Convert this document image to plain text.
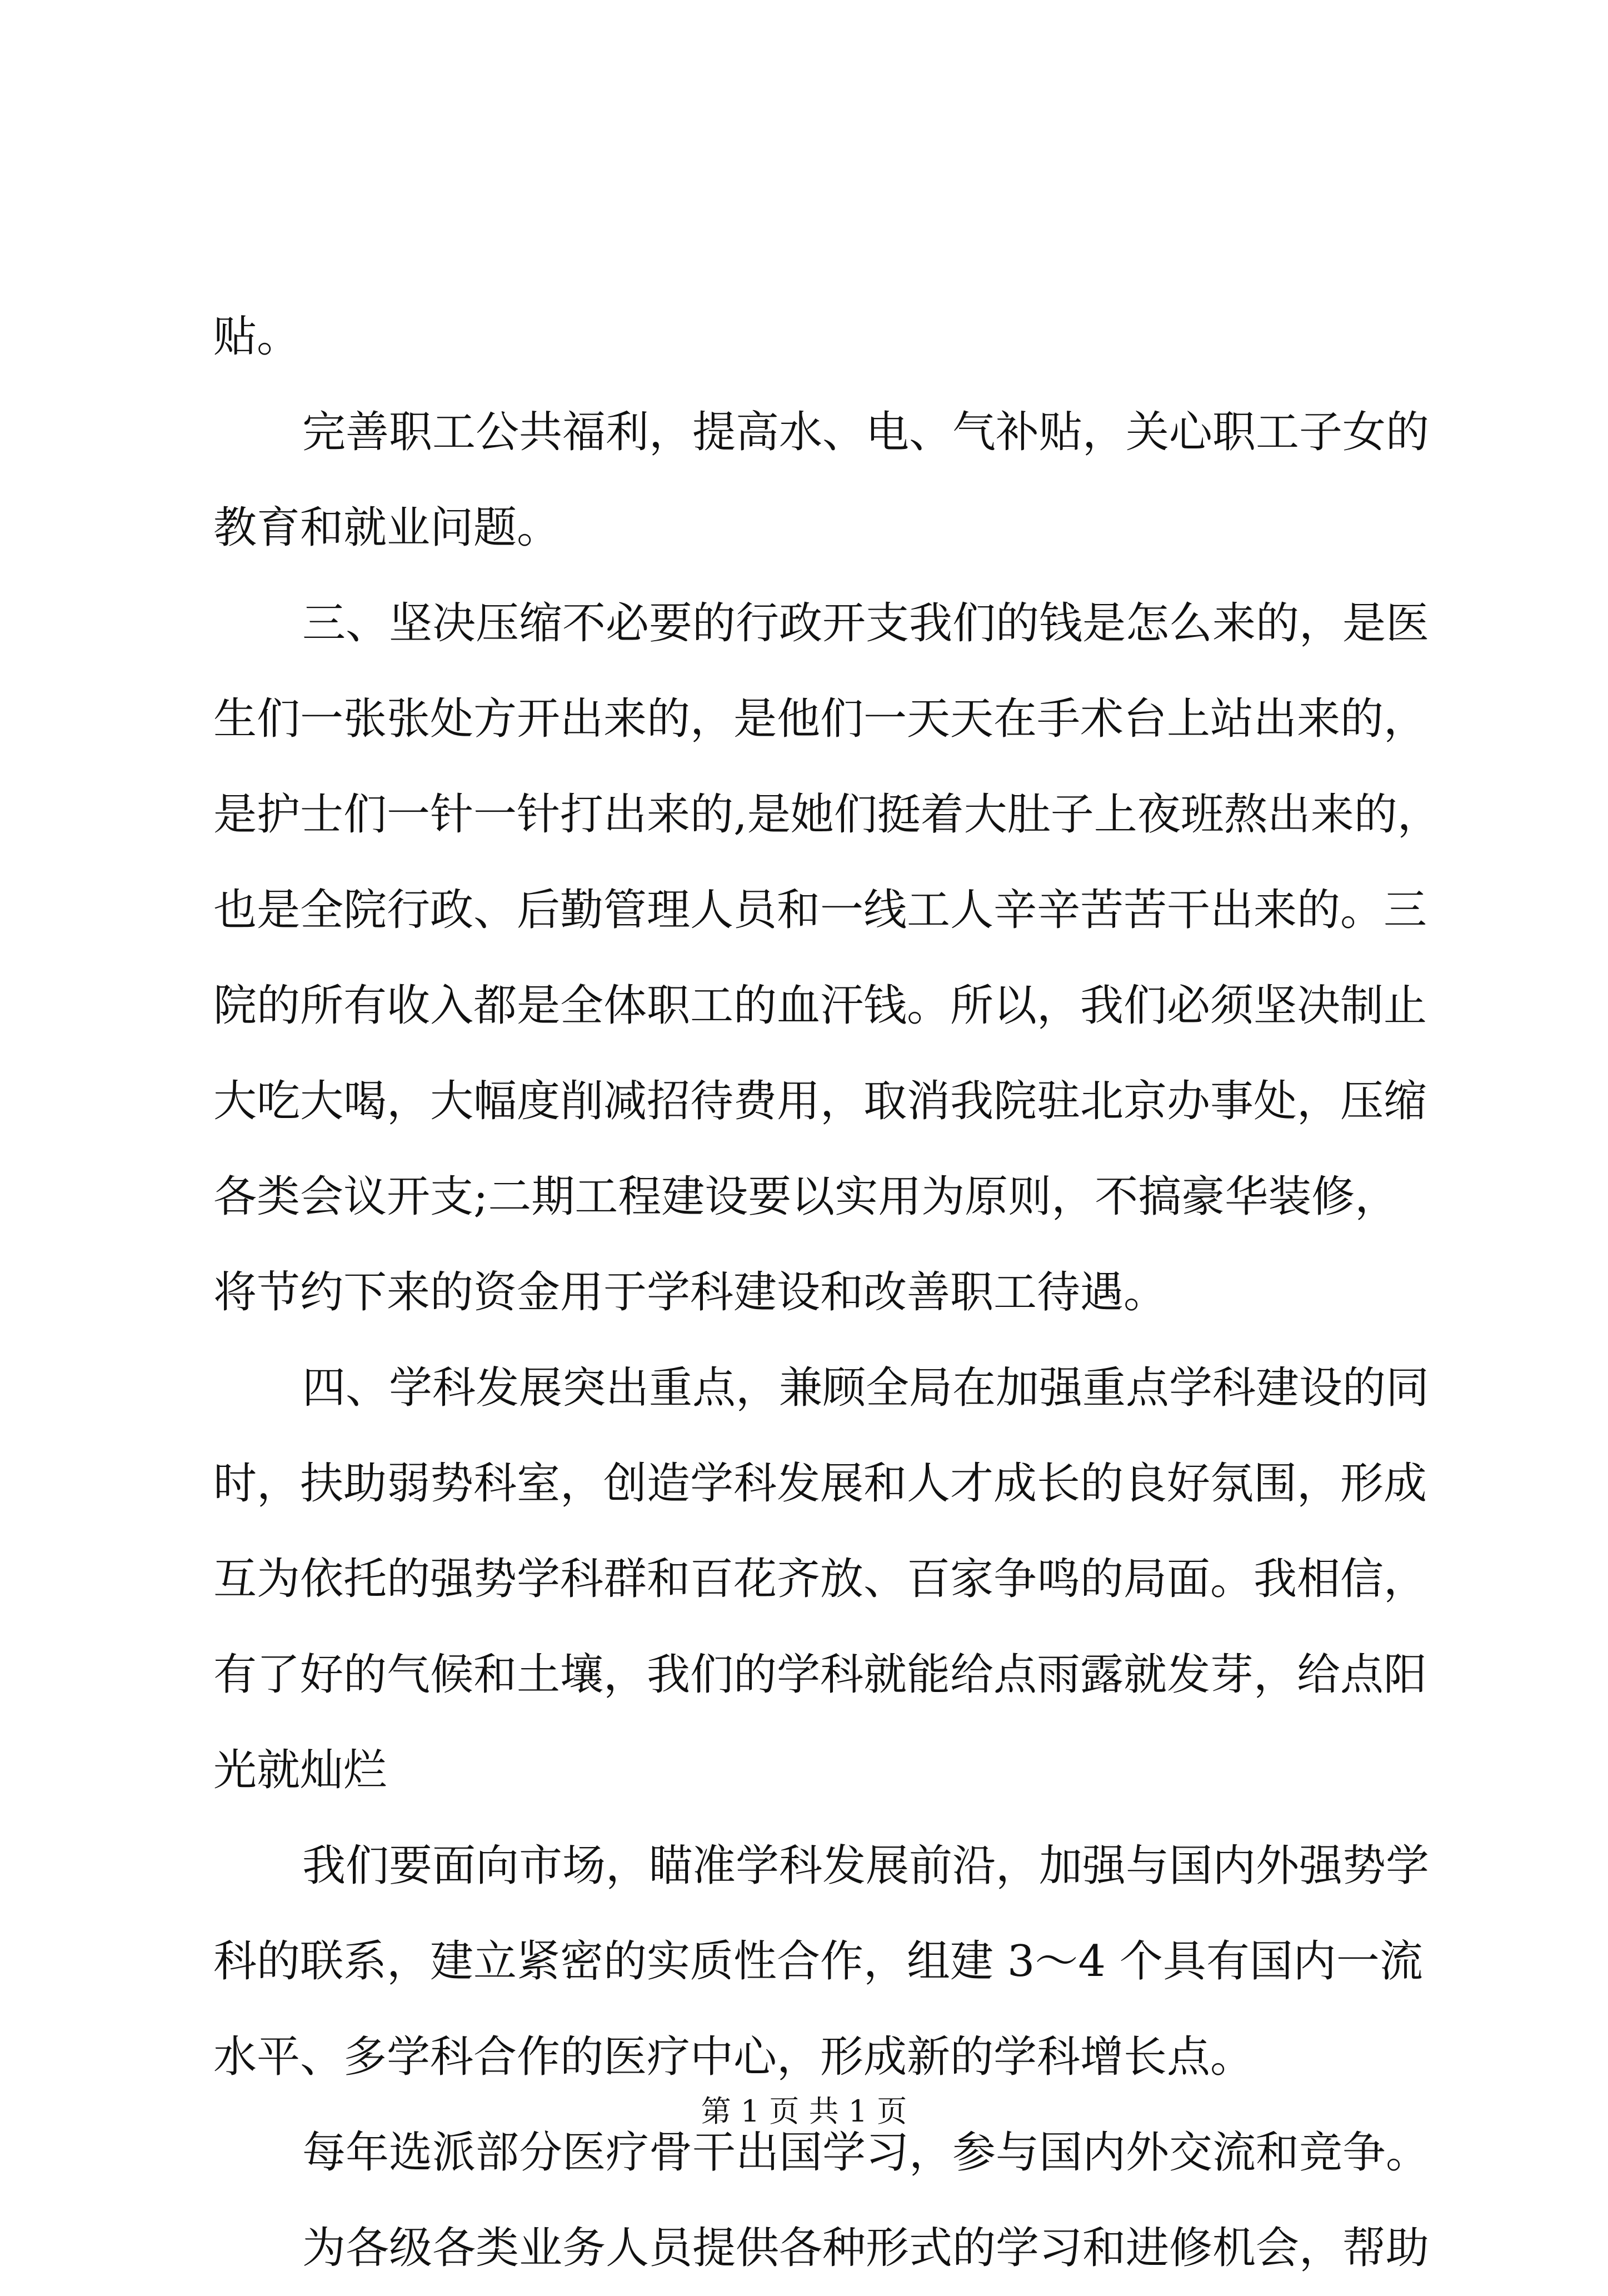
贴。
完善职工公共福利，提高水、电、气补贴，关心职工子女的
教育和就业问题。
三、坚决压缩不必要的行政开支我们的钱是怎么来的，是医
生们一张张处方开出来的，是他们一天天在手术台上站出来的，
是护士们一针一针打出来的,是她们挺着大肚子上夜班熬出来的，
也是全院行政、后勤管理人员和一线工人辛辛苦苦干出来的。三
院的所有收入都是全体职工的血汗钱。所以，我们必须坚决制止
大吃大喝，大幅度削减招待费用，取消我院驻北京办事处，压缩
各类会议开支;二期工程建设要以实用为原则，不搞豪华装修，
将节约下来的资金用于学科建设和改善职工待遇。
四、学科发展突出重点，兼顾全局在加强重点学科建设的同
时，扶助弱势科室，创造学科发展和人才成长的良好氛围，形成
互为依托的强势学科群和百花齐放、百家争鸣的局面。我相信，
有了好的气候和土壤，我们的学科就能给点雨露就发芽，给点阳
光就灿烂
我们要面向市场，瞄准学科发展前沿，加强与国内外强势学
科的联系，建立紧密的实质性合作，组建 3～4 个具有国内一流
水平、多学科合作的医疗中心，形成新的学科增长点。
每年选派部分医疗骨干出国学习，参与国内外交流和竞争。
为各级各类业务人员提供各种形式的学习和进修机会，帮助
第 1 页 共 1 页
